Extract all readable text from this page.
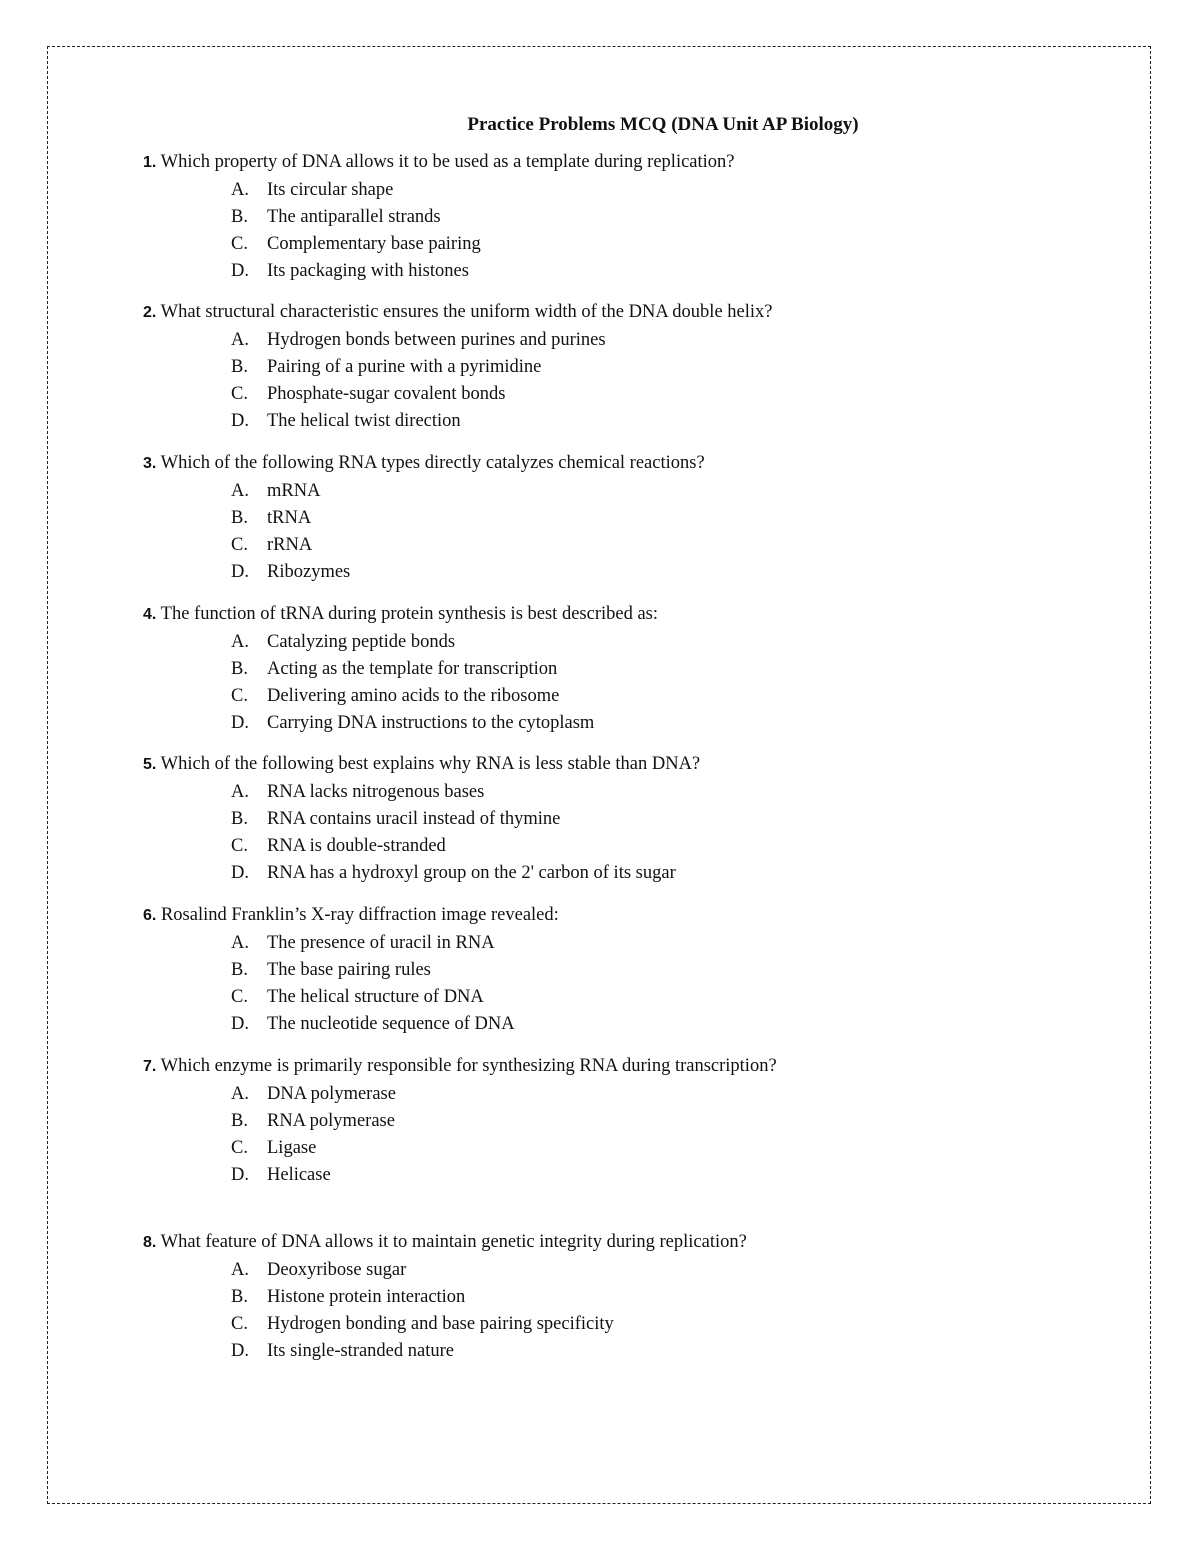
Practice Problems MCQ (DNA Unit AP Biology)
1. Which property of DNA allows it to be used as a template during replication?
A. Its circular shape
B.	The antiparallel strands
C.	Complementary base pairing
D. Its packaging with histones
2. What structural characteristic ensures the uniform width of the DNA double helix?
A. Hydrogen bonds between purines and purines
B.	Pairing of a purine with a pyrimidine
C.	Phosphate-sugar covalent bonds
D. The helical twist direction
3. Which of the following RNA types directly catalyzes chemical reactions?
A. mRNA
B.	tRNA
C.	rRNA
D. Ribozymes
4. The function of tRNA during protein synthesis is best described as:
A. Catalyzing peptide bonds
B.	Acting as the template for transcription
C.	Delivering amino acids to the ribosome
D. Carrying DNA instructions to the cytoplasm
5. Which of the following best explains why RNA is less stable than DNA?
A. RNA lacks nitrogenous bases
B.	RNA contains uracil instead of thymine
C.	RNA is double-stranded
D. RNA has a hydroxyl group on the 2' carbon of its sugar
6. Rosalind Franklin’s X-ray diffraction image revealed:
A. The presence of uracil in RNA
B.	The base pairing rules
C.	The helical structure of DNA
D. The nucleotide sequence of DNA
7. Which enzyme is primarily responsible for synthesizing RNA during transcription?
A. DNA polymerase
B.	RNA polymerase
C.	Ligase
D. Helicase
8. What feature of DNA allows it to maintain genetic integrity during replication?
A. Deoxyribose sugar
B.	Histone protein interaction
C.	Hydrogen bonding and base pairing specificity
D. Its single-stranded nature
